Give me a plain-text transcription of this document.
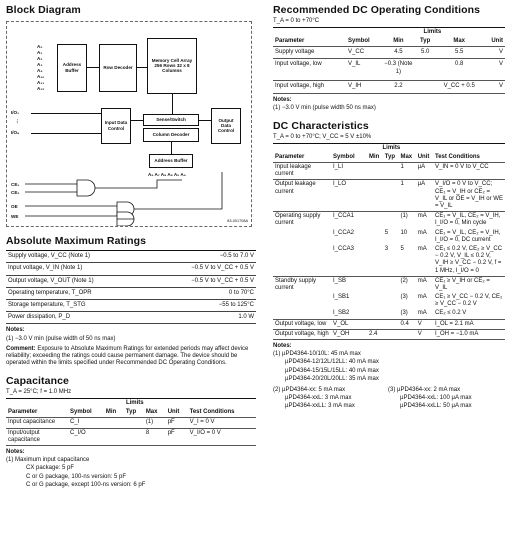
Block Diagram
A₀
A₁
A₂
A₃
A₄
A₁₀
A₁₁
A₁₂
Address Buffer
Row Decoder
Memory Cell Array 256 Rows 32 x 8 Columns
I/O₁
⋮
I/O₈
Input Data Control
Sense/Switch
Column Decoder
Output Data Control
Address Buffer
A₆ A₇ A₈ A₉ A₅ A₄
CE₁
CE₂
OE
WE
83-001708A
Absolute Maximum Ratings
Supply voltage, V_CC (Note 1)	−0.5 to 7.0 V
Input voltage, V_IN (Note 1)	−0.5 V to V_CC + 0.5 V
Output voltage, V_OUT (Note 1)	−0.5 V to V_CC + 0.5 V
Operating temperature, T_OPR	0 to 70°C
Storage temperature, T_STG	−55 to 125°C
Power dissipation, P_D	1.0 W
Notes:
(1) −3.0 V min (pulse width of 50 ns max)
Comment: Exposure to Absolute Maximum Ratings for extended periods may affect device reliability; exceeding the ratings could cause permanent damage. The device should be operated within the limits specified under Recommended DC Operating Conditions.
Capacitance
T_A = 25°C; f = 1.0 MHz
		Limits				
Parameter	Symbol	Min	Typ	Max	Unit	Test Conditions
Input capacitance	C_I			(1)	pF	V_I = 0 V
Input/output capacitance	C_I/O			8	pF	V_I/O = 0 V
Notes:
(1) Maximum input capacitance
CX package: 5 pF
C or G package, 100-ns version: 5 pF
C or G package, except 100-ns version: 6 pF
Recommended DC Operating Conditions
T_A = 0 to +70°C
		Limits			
Parameter	Symbol	Min	Typ	Max	Unit
Supply voltage	V_CC	4.5	5.0	5.5	V
Input voltage, low	V_IL	−0.3 (Note 1)		0.8	V
Input voltage, high	V_IH	2.2		V_CC + 0.5	V
Notes:
(1) −3.0 V min (pulse width 50 ns max)
DC Characteristics
T_A = 0 to +70°C; V_CC = 5 V ±10%
		Limits				
Parameter	Symbol	Min	Typ	Max	Unit	Test Conditions
Input leakage current	I_LI			1	µA	V_IN = 0 V to V_CC
Output leakage current	I_LO			1	µA	V_I/O = 0 V to V_CC; CE₁ = V_IH or CE₂ = V_IL or OE = V_IH or WE = V_IL
Operating supply current	I_CCA1			(1)	mA	CE₁ = V_IL, CE₂ = V_IH, I_I/O = 0, Min cycle
	I_CCA2		5	10	mA	CE₁ = V_IL, CE₂ = V_IH, I_I/O = 0, DC current
	I_CCA3		3	5	mA	CE₁ ≤ 0.2 V, CE₂ ≥ V_CC − 0.2 V, V_IL ≤ 0.2 V, V_IH ≥ V_CC − 0.2 V, f = 1 MHz, I_I/O = 0
Standby supply current	I_SB			(2)	mA	CE₁ ≥ V_IH or CE₂ = V_IL
	I_SB1			(3)	mA	CE₁ ≥ V_CC − 0.2 V, CE₂ ≥ V_CC − 0.2 V
	I_SB2			(3)	mA	CE₂ ≤ 0.2 V
Output voltage, low	V_OL			0.4	V	I_OL = 2.1 mA
Output voltage, high	V_OH	2.4			V	I_OH = −1.0 mA
Notes:
(1) µPD4364-10/10L: 45 mA max
µPD4364-12/12L/12LL: 40 mA max
µPD4364-15/15L/15LL: 40 mA max
µPD4364-20/20L/20LL: 35 mA max
(2) µPD4364-xx: 5 mA max
µPD4364-xxL: 3 mA max
µPD4364-xxLL: 3 mA max
(3) µPD4364-xx: 2 mA max
µPD4364-xxL: 100 µA max
µPD4364-xxLL: 50 µA max
